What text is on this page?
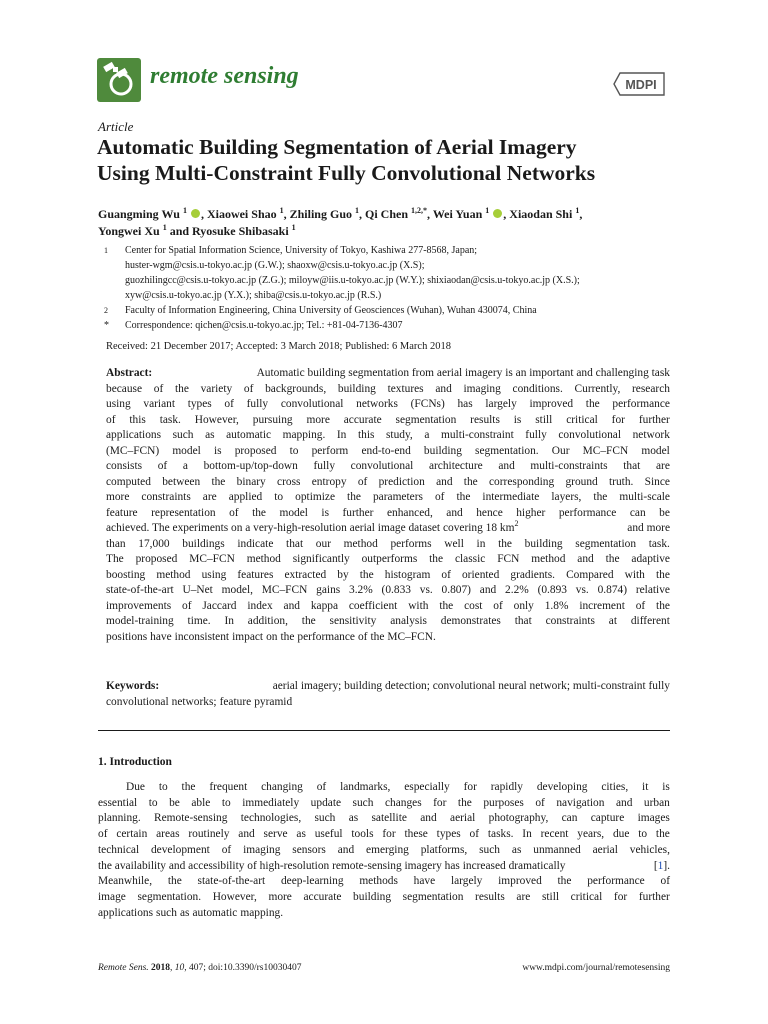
remote sensing	MDPI
Article
Automatic Building Segmentation of Aerial Imagery
Using Multi-Constraint Fully Convolutional Networks
Guangming Wu $^1$ , Xiaowei Shao $^1$, Zhiling Guo $^1$, Qi Chen $^{1,2,*}$, Wei Yuan $^1$ , Xiaodan Shi $^1$,
Yongwei Xu $^1$ and Ryosuke Shibasaki $^1$
1	Center for Spatial Information Science, University of Tokyo, Kashiwa 277-8568, Japan;
huster-wgm@csis.u-tokyo.ac.jp (G.W.); shaoxw@csis.u-tokyo.ac.jp (X.S);
guozhilingcc@csis.u-tokyo.ac.jp (Z.G.); miloyw@iis.u-tokyo.ac.jp (W.Y.); shixiaodan@csis.u-tokyo.ac.jp (X.S.);
xyw@csis.u-tokyo.ac.jp (Y.X.); shiba@csis.u-tokyo.ac.jp (R.S.)
2	Faculty of Information Engineering, China University of Geosciences (Wuhan), Wuhan 430074, China
*	Correspondence: qichen@csis.u-tokyo.ac.jp; Tel.: +81-04-7136-4307
Received: 21 December 2017; Accepted: 3 March 2018; Published: 6 March 2018
Abstract:	Automatic building segmentation from aerial imagery is an important and challenging task
because of the variety of backgrounds, building textures and imaging conditions. Currently, research
using variant types of fully convolutional networks (FCNs) has largely improved the performance
of this task. However, pursuing more accurate segmentation results is still critical for further
applications such as automatic mapping. In this study, a multi-constraint fully convolutional network
(MC–FCN) model is proposed to perform end-to-end building segmentation. Our MC–FCN model
consists of a bottom-up/top-down fully convolutional architecture and multi-constraints that are
computed between the binary cross entropy of prediction and the corresponding ground truth. Since
more constraints are applied to optimize the parameters of the intermediate layers, the multi-scale
feature representation of the model is further enhanced, and hence higher performance can be
achieved. The experiments on a very-high-resolution aerial image dataset covering 18 $km^2$	and more
than 17,000 buildings indicate that our method performs well in the building segmentation task.
The proposed MC–FCN method significantly outperforms the classic FCN method and the adaptive
boosting method using features extracted by the histogram of oriented gradients. Compared with the
state-of-the-art U–Net model, MC–FCN gains 3.2% (0.833 vs. 0.807) and 2.2% (0.893 vs. 0.874) relative
improvements of Jaccard index and kappa coefficient with the cost of only 1.8% increment of the
model-training time. In addition, the sensitivity analysis demonstrates that constraints at different
positions have inconsistent impact on the performance of the MC–FCN.
Keywords:	aerial imagery; building detection; convolutional neural network; multi-constraint fully
convolutional networks; feature pyramid
1. Introduction
Due to the frequent changing of landmarks, especially for rapidly developing cities, it is
essential to be able to immediately update such changes for the purposes of navigation and urban
planning. Remote-sensing technologies, such as satellite and aerial photography, can capture images
of certain areas routinely and serve as useful tools for these types of tasks. In recent years, due to the
technical development of imaging sensors and emerging platforms, such as unmanned aerial vehicles,
the availability and accessibility of high-resolution remote-sensing imagery has increased dramatically	[1].
Meanwhile, the state-of-the-art deep-learning methods have largely improved the performance of
image segmentation. However, more accurate building segmentation results are still critical for further
applications such as automatic mapping.
Remote Sens. 2018, 10, 407; doi:10.3390/rs10030407	www.mdpi.com/journal/remotesensing
